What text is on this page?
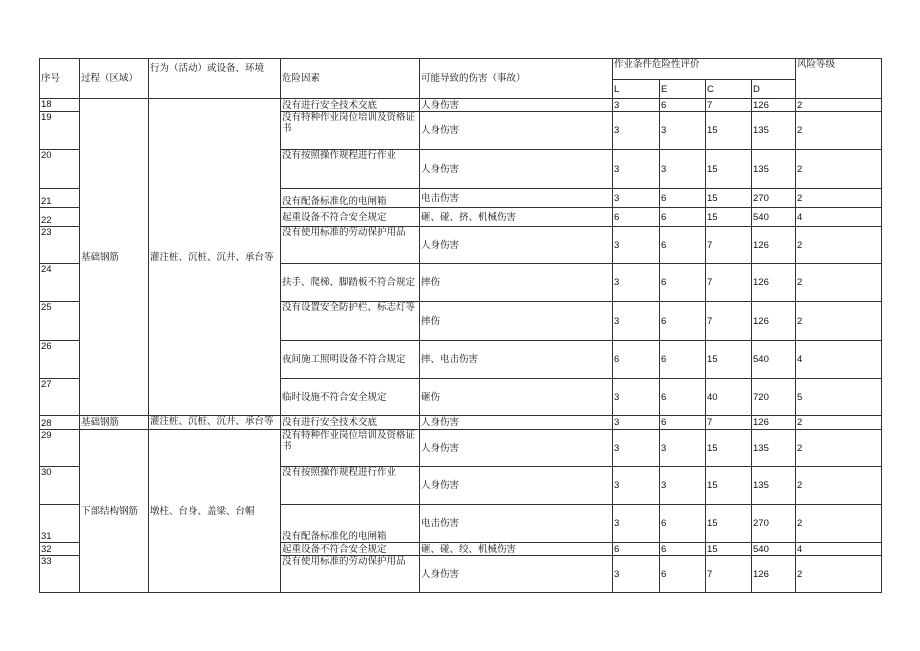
序号	过程（区域）	行为（活动）或设备、环境	危险因素	可能导致的伤害（事故）	作业条件危险性评价				风险等级
					L	E	C	D	
18	基础钢筋	灌注桩、沉桩、沉井、承台等	没有进行安全技术交底	人身伤害	3	6	7	126	2
19			没有特种作业岗位培训及资格证书	人身伤害	3	3	15	135	2
20			没有按照操作规程进行作业	人身伤害	3	3	15	135	2
21			没有配备标准化的电闸箱	电击伤害	3	6	15	270	2
22			起重设备不符合安全规定	砸、碰、挤、机械伤害	6	6	15	540	4
23			没有使用标准的劳动保护用品	人身伤害	3	6	7	126	2
24			扶手、爬梯、脚踏板不符合规定	摔伤	3	6	7	126	2
25			没有设置安全防护栏、标志灯等	摔伤	3	6	7	126	2
26			夜间施工照明设备不符合规定	摔、电击伤害	6	6	15	540	4
27			临时设施不符合安全规定	砸伤	3	6	40	720	5
28	基础钢筋	灌注桩、沉桩、沉井、承台等	没有进行安全技术交底	人身伤害	3	6	7	126	2
29	下部结构钢筋	墩柱、台身、盖梁、台帽	没有特种作业岗位培训及资格证书	人身伤害	3	3	15	135	2
30			没有按照操作规程进行作业	人身伤害	3	3	15	135	2
31			没有配备标准化的电闸箱	电击伤害	3	6	15	270	2
32			起重设备不符合安全规定	砸、碰、绞、机械伤害	6	6	15	540	4
33			没有使用标准的劳动保护用品	人身伤害	3	6	7	126	2
